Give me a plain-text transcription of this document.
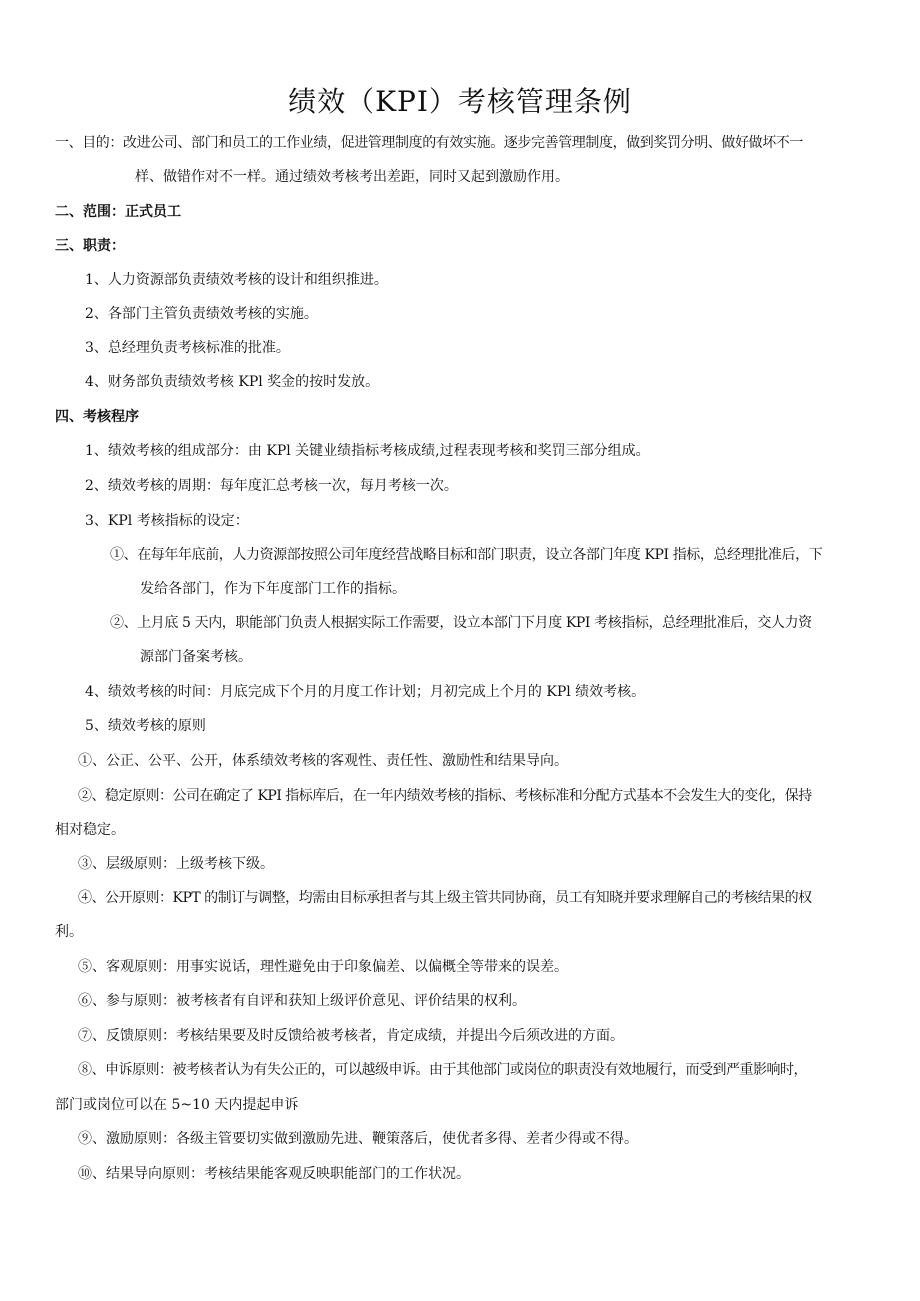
绩效（KPI）考核管理条例
一、目的：改进公司、部门和员工的工作业绩，促进管理制度的有效实施。逐步完善管理制度，做到奖罚分明、做好做坏不一
样、做错作对不一样。通过绩效考核考出差距，同时又起到激励作用。
二、范围：正式员工
三、职责：
1、人力资源部负责绩效考核的设计和组织推进。
2、各部门主管负责绩效考核的实施。
3、总经理负责考核标准的批准。
4、财务部负责绩效考核 KPl 奖金的按时发放。
四、考核程序
1、绩效考核的组成部分：由 KPl 关键业绩指标考核成绩,过程表现考核和奖罚三部分组成。
2、绩效考核的周期：每年度汇总考核一次，每月考核一次。
3、KPl 考核指标的设定：
①、在每年年底前，人力资源部按照公司年度经营战略目标和部门职责，设立各部门年度 KPI 指标，总经理批准后，下
发给各部门，作为下年度部门工作的指标。
②、上月底 5 天内，职能部门负责人根据实际工作需要，设立本部门下月度 KPI 考核指标，总经理批准后，交人力资
源部门备案考核。
4、绩效考核的时间：月底完成下个月的月度工作计划；月初完成上个月的 KPl 绩效考核。
5、绩效考核的原则
①、公正、公平、公开，体系绩效考核的客观性、责任性、激励性和结果导向。
②、稳定原则：公司在确定了 KPI 指标库后，在一年内绩效考核的指标、考核标准和分配方式基本不会发生大的变化，保持
相对稳定。
③、层级原则：上级考核下级。
④、公开原则：KPT 的制订与调整，均需由目标承担者与其上级主管共同协商，员工有知晓并要求理解自己的考核结果的权
利。
⑤、客观原则：用事实说话，理性避免由于印象偏差、以偏概全等带来的误差。
⑥、参与原则：被考核者有自评和获知上级评价意见、评价结果的权利。
⑦、反馈原则：考核结果要及时反馈给被考核者，肯定成绩，并提出今后须改进的方面。
⑧、申诉原则：被考核者认为有失公正的，可以越级申诉。由于其他部门或岗位的职责没有效地履行，而受到严重影响时，
部门或岗位可以在 5~10 天内提起申诉
⑨、激励原则：各级主管要切实做到激励先进、鞭策落后，使优者多得、差者少得或不得。
⑩、结果导向原则：考核结果能客观反映职能部门的工作状况。
